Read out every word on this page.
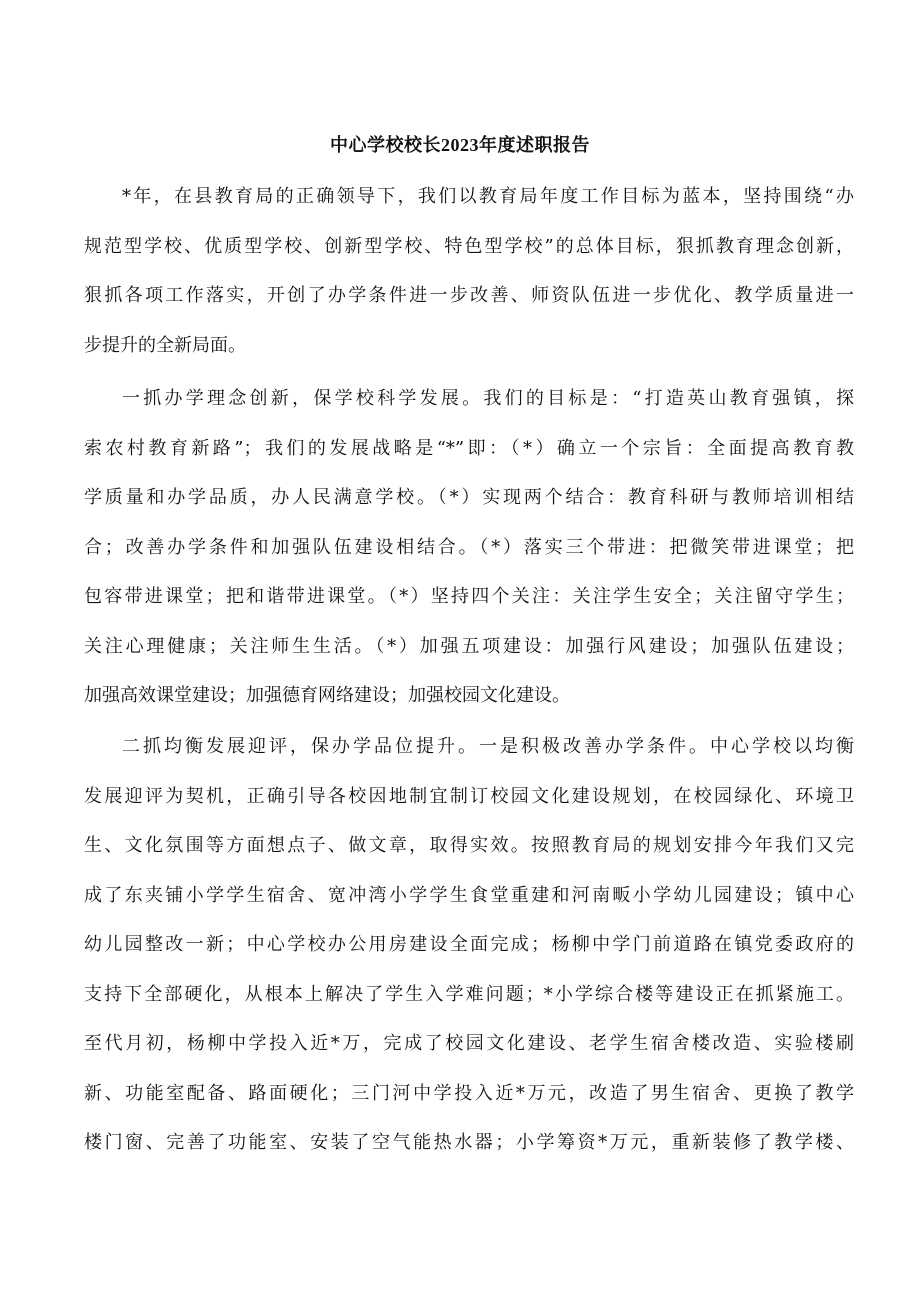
中心学校校长2023年度述职报告
*年，在县教育局的正确领导下，我们以教育局年度工作目标为蓝本，坚持围绕“办
规范型学校、优质型学校、创新型学校、特色型学校”的总体目标，狠抓教育理念创新，
狠抓各项工作落实，开创了办学条件进一步改善、师资队伍进一步优化、教学质量进一
步提升的全新局面。
一抓办学理念创新，保学校科学发展。我们的目标是：“打造英山教育强镇，探
索农村教育新路”；我们的发展战略是“*”即：（*）确立一个宗旨：全面提高教育教
学质量和办学品质，办人民满意学校。（*）实现两个结合：教育科研与教师培训相结
合；改善办学条件和加强队伍建设相结合。（*）落实三个带进：把微笑带进课堂；把
包容带进课堂；把和谐带进课堂。（*）坚持四个关注：关注学生安全；关注留守学生；
关注心理健康；关注师生生活。（*）加强五项建设：加强行风建设；加强队伍建设；
加强高效课堂建设；加强德育网络建设；加强校园文化建设。
二抓均衡发展迎评，保办学品位提升。一是积极改善办学条件。中心学校以均衡
发展迎评为契机，正确引导各校因地制宜制订校园文化建设规划，在校园绿化、环境卫
生、文化氛围等方面想点子、做文章，取得实效。按照教育局的规划安排今年我们又完
成了东夹铺小学学生宿舍、宽冲湾小学学生食堂重建和河南畈小学幼儿园建设；镇中心
幼儿园整改一新；中心学校办公用房建设全面完成；杨柳中学门前道路在镇党委政府的
支持下全部硬化，从根本上解决了学生入学难问题；*小学综合楼等建设正在抓紧施工。
至代月初，杨柳中学投入近*万，完成了校园文化建设、老学生宿舍楼改造、实验楼刷
新、功能室配备、路面硬化；三门河中学投入近*万元，改造了男生宿舍、更换了教学
楼门窗、完善了功能室、安装了空气能热水器；小学筹资*万元，重新装修了教学楼、
